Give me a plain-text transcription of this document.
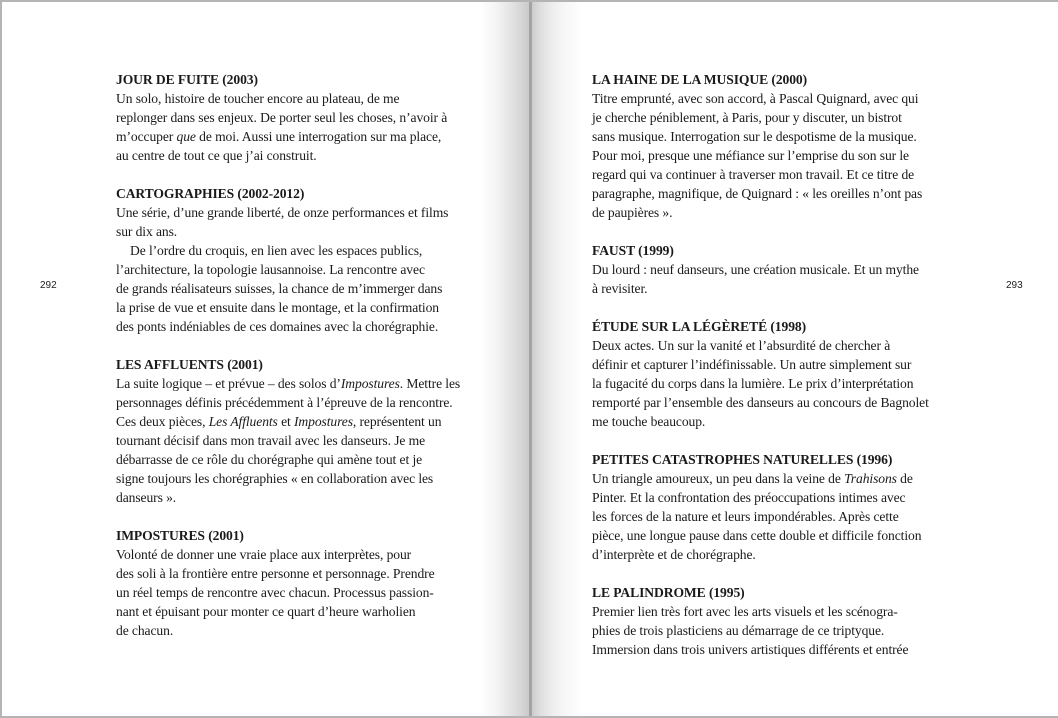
292	293
JOUR DE FUITE (2003)
Un solo, histoire de toucher encore au plateau, de me
replonger dans ses enjeux. De porter seul les choses, n’avoir à
m’occuper que de moi. Aussi une interrogation sur ma place,
au centre de tout ce que j’ai construit.
CARTOGRAPHIES (2002-2012)
Une série, d’une grande liberté, de onze performances et films
sur dix ans.
De l’ordre du croquis, en lien avec les espaces publics,
l’architecture, la topologie lausannoise. La rencontre avec
de grands réalisateurs suisses, la chance de m’immerger dans
la prise de vue et ensuite dans le montage, et la confirmation
des ponts indéniables de ces domaines avec la chorégraphie.
LES AFFLUENTS (2001)
La suite logique – et prévue – des solos d’Impostures. Mettre les
personnages définis précédemment à l’épreuve de la rencontre.
Ces deux pièces, Les Affluents et Impostures, représentent un
tournant décisif dans mon travail avec les danseurs. Je me
débarrasse de ce rôle du chorégraphe qui amène tout et je
signe toujours les chorégraphies « en collaboration avec les
danseurs ».
IMPOSTURES (2001)
Volonté de donner une vraie place aux interprètes, pour
des soli à la frontière entre personne et personnage. Prendre
un réel temps de rencontre avec chacun. Processus passion-
nant et épuisant pour monter ce quart d’heure warholien
de chacun.
LA HAINE DE LA MUSIQUE (2000)
Titre emprunté, avec son accord, à Pascal Quignard, avec qui
je cherche péniblement, à Paris, pour y discuter, un bistrot
sans musique. Interrogation sur le despotisme de la musique.
Pour moi, presque une méfiance sur l’emprise du son sur le
regard qui va continuer à traverser mon travail. Et ce titre de
paragraphe, magnifique, de Quignard : « les oreilles n’ont pas
de paupières ».
FAUST (1999)
Du lourd : neuf danseurs, une création musicale. Et un mythe
à revisiter.
ÉTUDE SUR LA LÉGÈRETÉ (1998)
Deux actes. Un sur la vanité et l’absurdité de chercher à
définir et capturer l’indéfinissable. Un autre simplement sur
la fugacité du corps dans la lumière. Le prix d’interprétation
remporté par l’ensemble des danseurs au concours de Bagnolet
me touche beaucoup.
PETITES CATASTROPHES NATURELLES (1996)
Un triangle amoureux, un peu dans la veine de Trahisons de
Pinter. Et la confrontation des préoccupations intimes avec
les forces de la nature et leurs impondérables. Après cette
pièce, une longue pause dans cette double et difficile fonction
d’interprète et de chorégraphe.
LE PALINDROME (1995)
Premier lien très fort avec les arts visuels et les scénogra-
phies de trois plasticiens au démarrage de ce triptyque.
Immersion dans trois univers artistiques différents et entrée
